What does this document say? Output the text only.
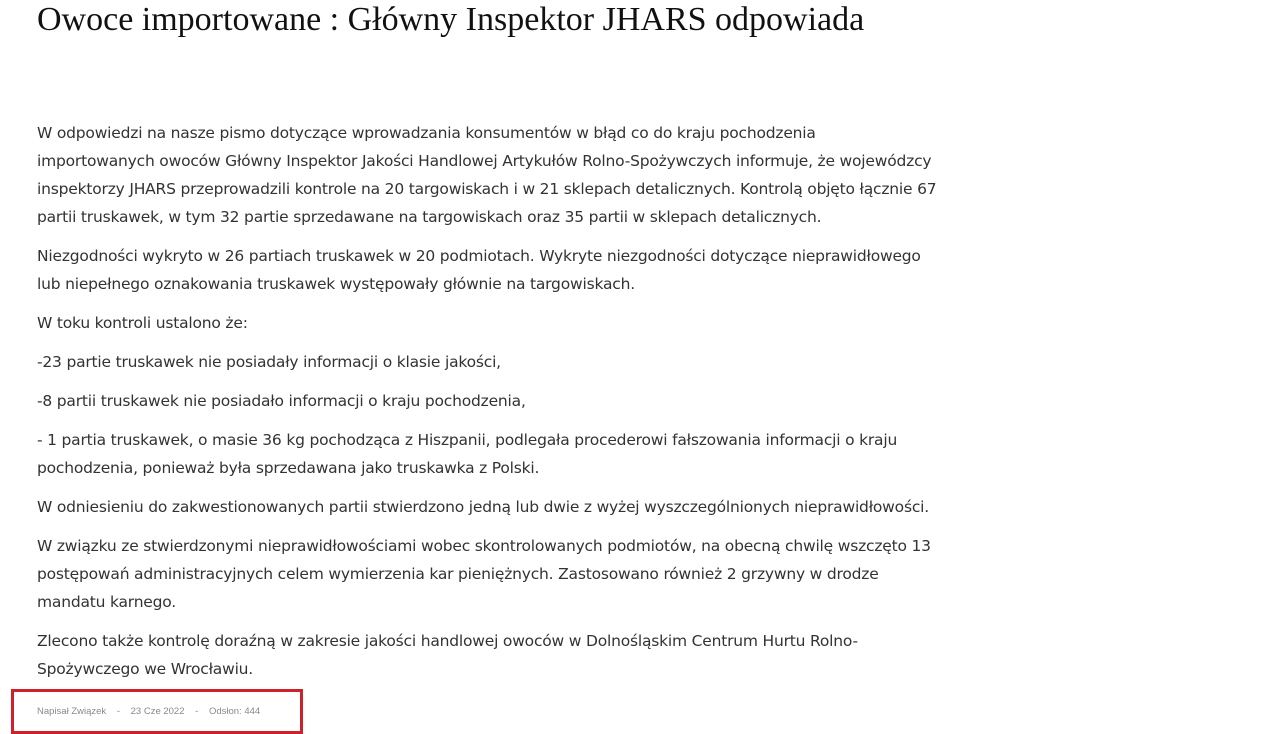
Owoce importowane : Główny Inspektor JHARS odpowiada

W odpowiedzi na nasze pismo dotyczące wprowadzania konsumentów w błąd co do kraju pochodzenia importowanych owoców Główny Inspektor Jakości Handlowej Artykułów Rolno-Spożywczych informuje, że wojewódzcy inspektorzy JHARS przeprowadzili kontrole na 20 targowiskach i w 21 sklepach detalicznych. Kontrolą objęto łącznie 67 partii truskawek, w tym 32 partie sprzedawane na targowiskach oraz 35 partii w sklepach detalicznych.

Niezgodności wykryto w 26 partiach truskawek w 20 podmiotach. Wykryte niezgodności dotyczące nieprawidłowego lub niepełnego oznakowania truskawek występowały głównie na targowiskach.

W toku kontroli ustalono że:

-23 partie truskawek nie posiadały informacji o klasie jakości,

-8 partii truskawek nie posiadało informacji o kraju pochodzenia,

- 1 partia truskawek, o masie 36 kg pochodząca z Hiszpanii, podlegała procederowi fałszowania informacji o kraju pochodzenia, ponieważ była sprzedawana jako truskawka z Polski.

W odniesieniu do zakwestionowanych partii stwierdzono jedną lub dwie z wyżej wyszczególnionych nieprawidłowości.

W związku ze stwierdzonymi nieprawidłowościami wobec skontrolowanych podmiotów, na obecną chwilę wszczęto 13 postępowań administracyjnych celem wymierzenia kar pieniężnych. Zastosowano również 2 grzywny w drodze mandatu karnego.

Zlecono także kontrolę doraźną w zakresie jakości handlowej owoców w Dolnośląskim Centrum Hurtu Rolno-Spożywczego we Wrocławiu.

Napisał Związek - 23 Cze 2022 - Odsłon: 444
